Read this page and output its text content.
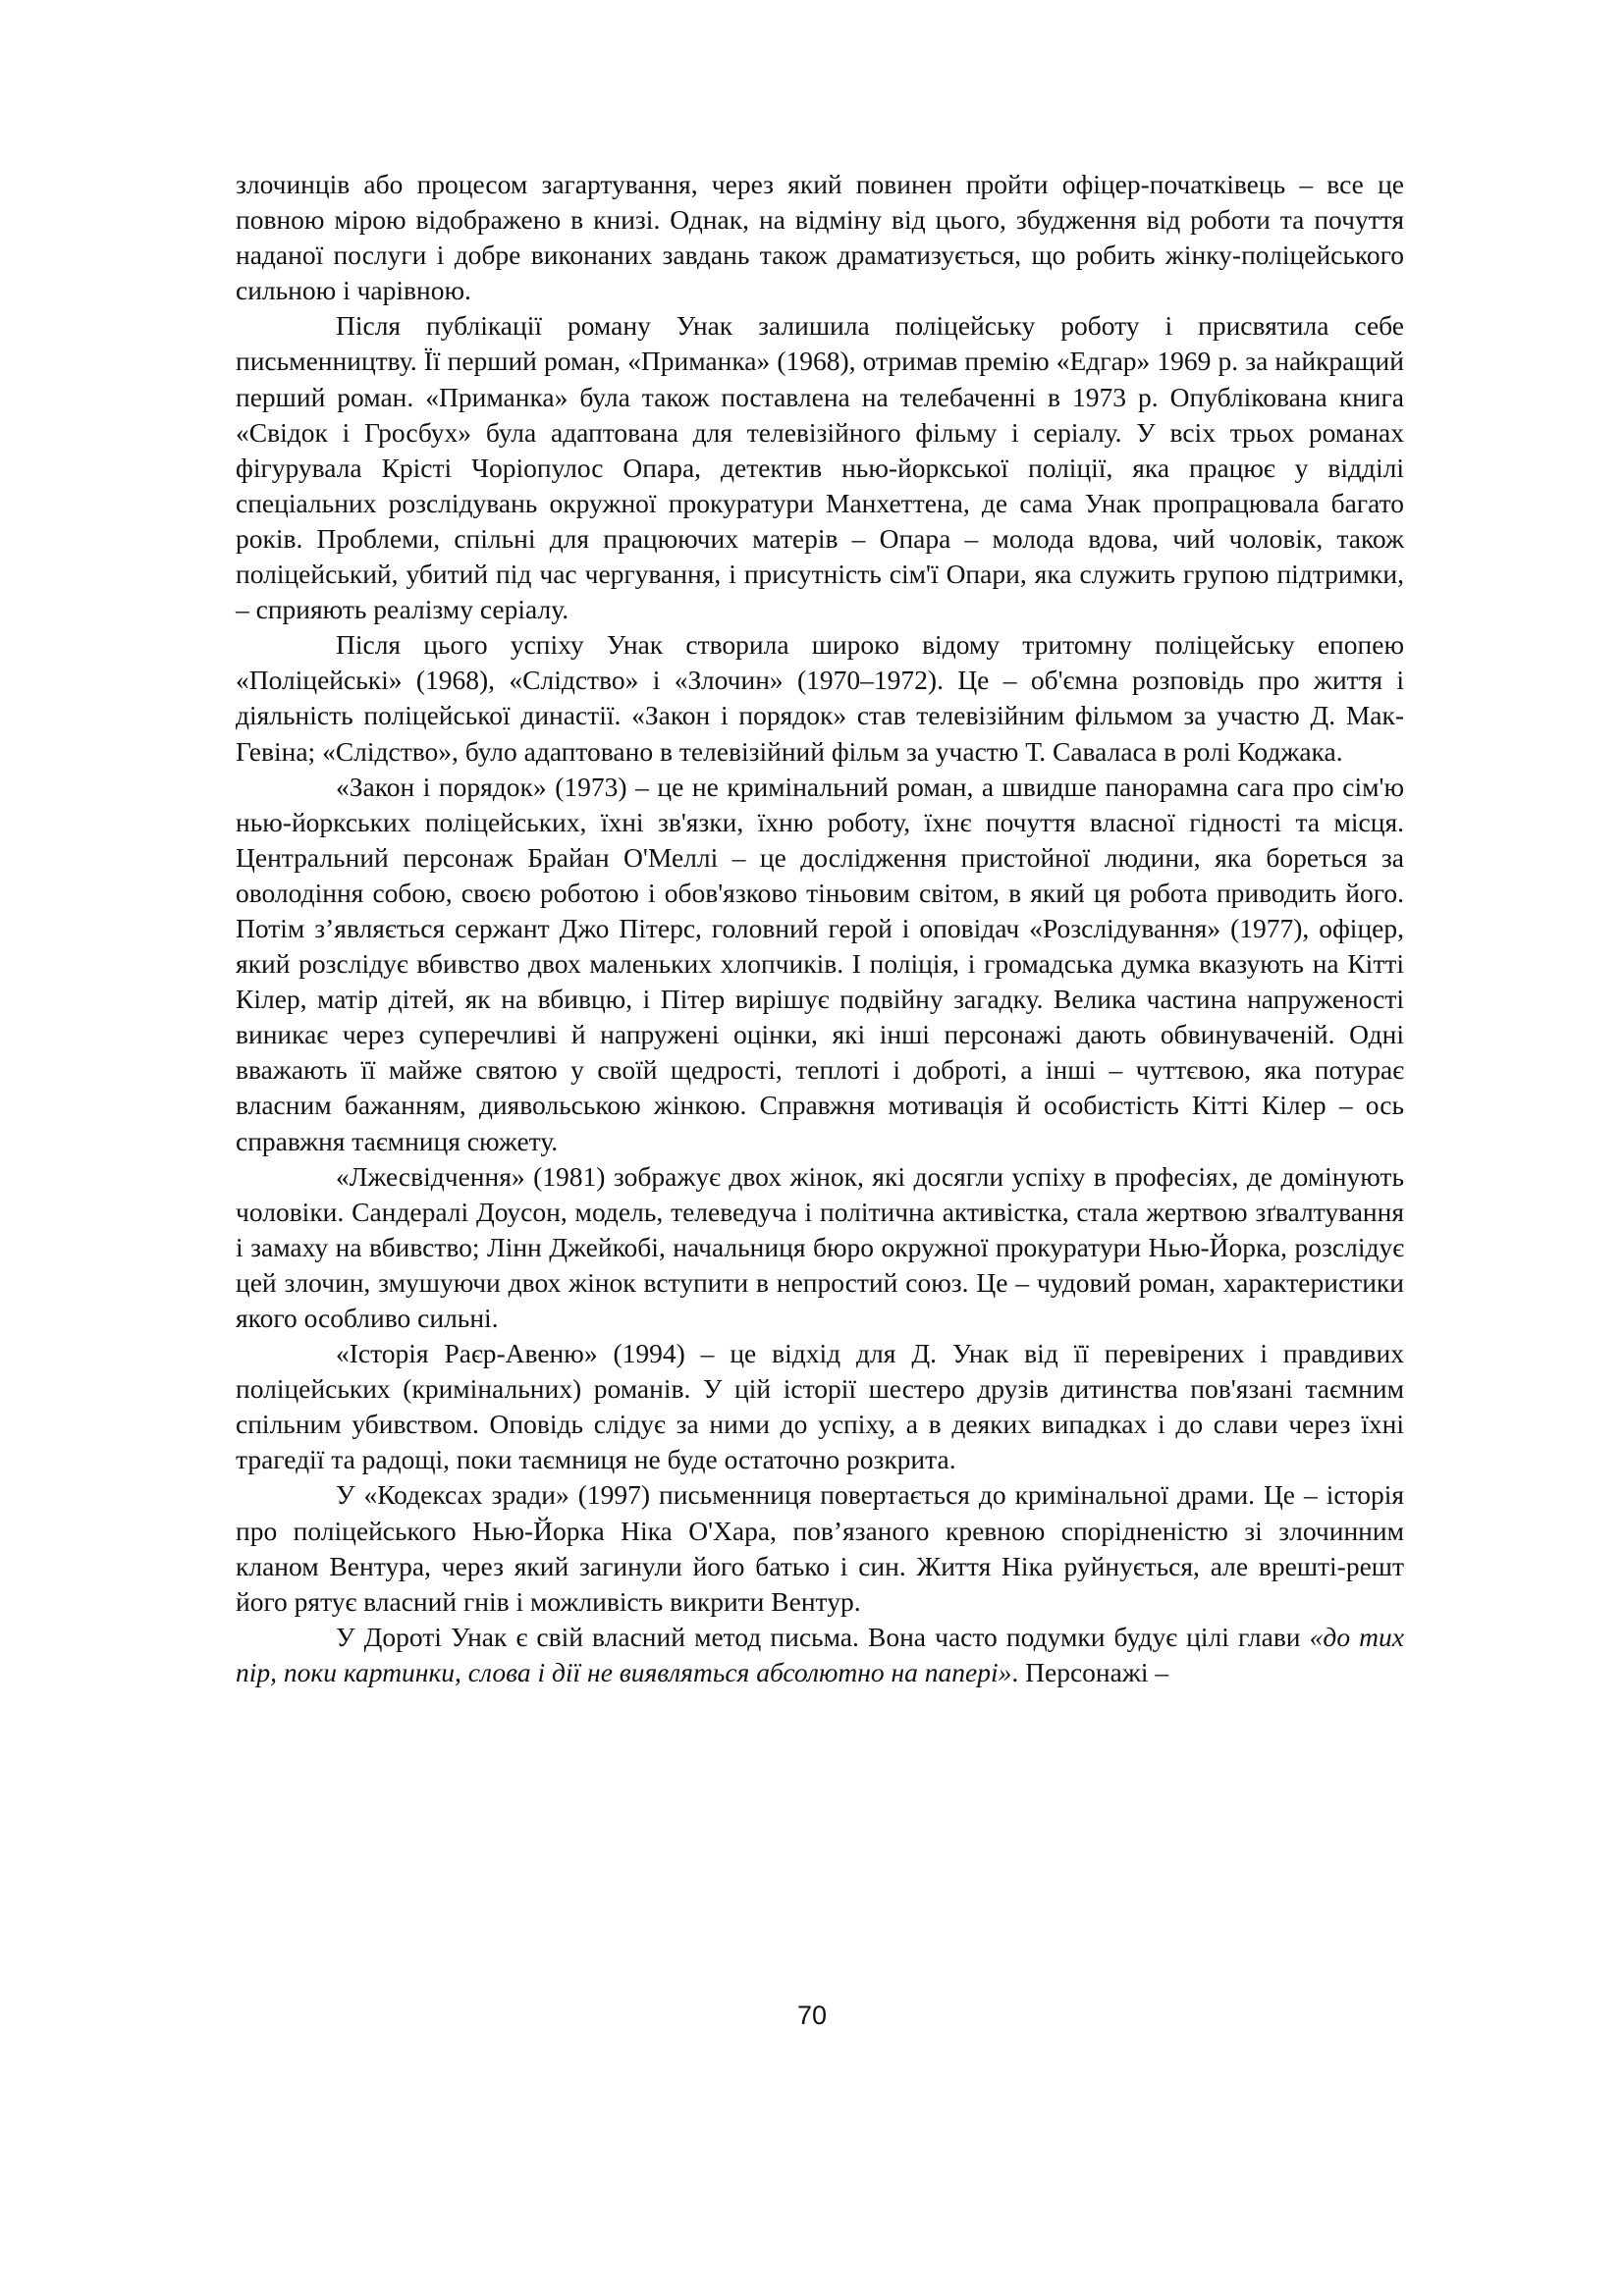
злочинців або процесом загартування, через який повинен пройти офіцер-початківець – все це повною мірою відображено в книзі. Однак, на відміну від цього, збудження від роботи та почуття наданої послуги і добре виконаних завдань також драматизується, що робить жінку-поліцейського сильною і чарівною.

Після публікації роману Унак залишила поліцейську роботу і присвятила себе письменництву. Її перший роман, «Приманка» (1968), отримав премію «Едгар» 1969 р. за найкращий перший роман. «Приманка» була також поставлена на телебаченні в 1973 р. Опублікована книга «Свідок і Гросбух» була адаптована для телевізійного фільму і серіалу. У всіх трьох романах фігурувала Крісті Чоріопулос Опара, детектив нью-йоркської поліції, яка працює у відділі спеціальних розслідувань окружної прокуратури Манхеттена, де сама Унак пропрацювала багато років. Проблеми, спільні для працюючих матерів – Опара – молода вдова, чий чоловік, також поліцейський, убитий під час чергування, і присутність сім'ї Опари, яка служить групою підтримки, – сприяють реалізму серіалу.

Після цього успіху Унак створила широко відому тритомну поліцейську епопею «Поліцейські» (1968), «Слідство» і «Злочин» (1970–1972). Це – об'ємна розповідь про життя і діяльність поліцейської династії. «Закон і порядок» став телевізійним фільмом за участю Д. Мак-Гевіна; «Слідство», було адаптовано в телевізійний фільм за участю Т. Саваласа в ролі Коджака.

«Закон і порядок» (1973) – це не кримінальний роман, а швидше панорамна сага про сім'ю нью-йоркських поліцейських, їхні зв'язки, їхню роботу, їхнє почуття власної гідності та місця. Центральний персонаж Брайан О'Меллі – це дослідження пристойної людини, яка бореться за оволодіння собою, своєю роботою і обов'язково тіньовим світом, в який ця робота приводить його. Потім з’являється сержант Джо Пітерс, головний герой і оповідач «Розслідування» (1977), офіцер, який розслідує вбивство двох маленьких хлопчиків. І поліція, і громадська думка вказують на Кітті Кілер, матір дітей, як на вбивцю, і Пітер вирішує подвійну загадку. Велика частина напруженості виникає через суперечливі й напружені оцінки, які інші персонажі дають обвинуваченій. Одні вважають її майже святою у своїй щедрості, теплоті і доброті, а інші – чуттєвою, яка потурає власним бажанням, диявольською жінкою. Справжня мотивація й особистість Кітті Кілер – ось справжня таємниця сюжету.

«Лжесвідчення» (1981) зображує двох жінок, які досягли успіху в професіях, де домінують чоловіки. Сандералі Доусон, модель, телеведуча і політична активістка, стала жертвою зґвалтування і замаху на вбивство; Лінн Джейкобі, начальниця бюро окружної прокуратури Нью-Йорка, розслідує цей злочин, змушуючи двох жінок вступити в непростий союз. Це – чудовий роман, характеристики якого особливо сильні.

«Історія Раєр-Авеню» (1994) – це відхід для Д. Унак від її перевірених і правдивих поліцейських (кримінальних) романів. У цій історії шестеро друзів дитинства пов'язані таємним спільним убивством. Оповідь слідує за ними до успіху, а в деяких випадках і до слави через їхні трагедії та радощі, поки таємниця не буде остаточно розкрита.

У «Кодексах зради» (1997) письменниця повертається до кримінальної драми. Це – історія про поліцейського Нью-Йорка Ніка О'Хара, пов’язаного кревною спорідненістю зі злочинним кланом Вентура, через який загинули його батько і син. Життя Ніка руйнується, але врешті-решт його рятує власний гнів і можливість викрити Вентур.

У Дороті Унак є свій власний метод письма. Вона часто подумки будує цілі глави «до тих пір, поки картинки, слова і дії не виявляться абсолютно на папері». Персонажі –

70
